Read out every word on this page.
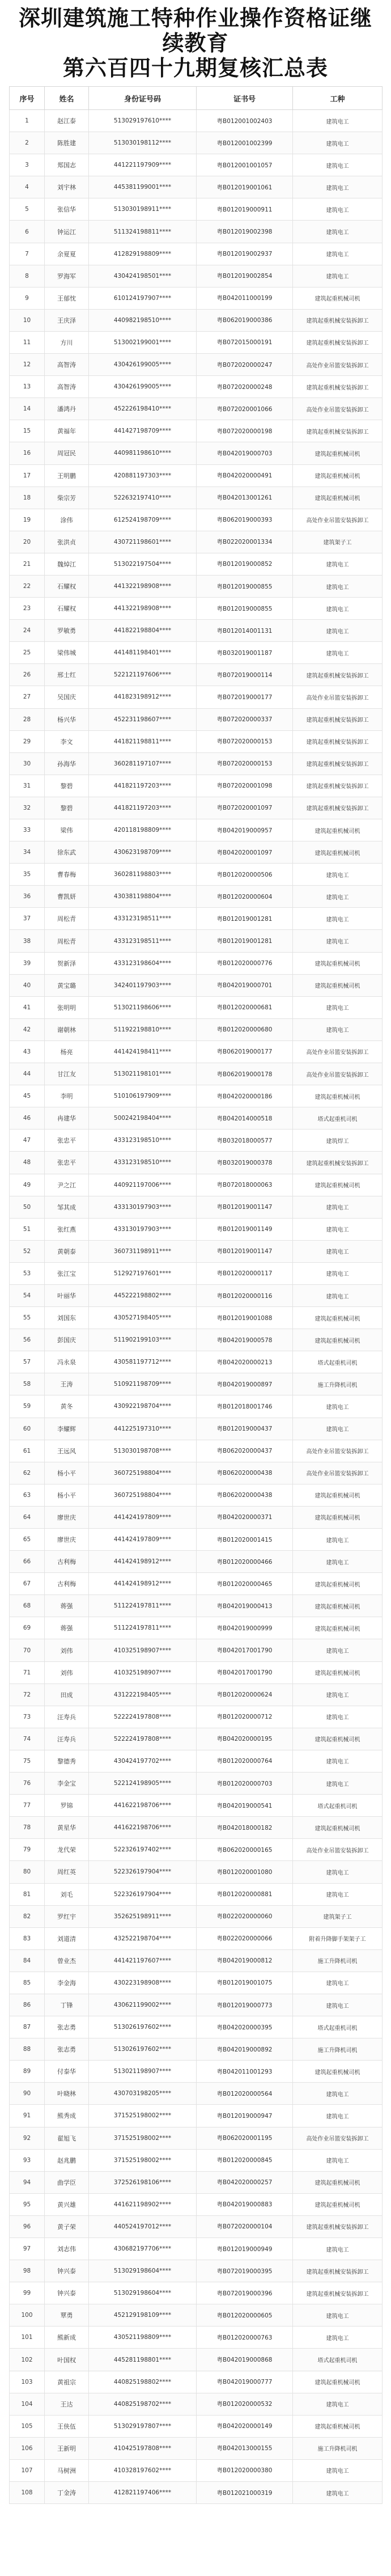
深圳建筑施工特种作业操作资格证继续教育
第六百四十九期复核汇总表
序号	姓名	身份证号码	证书号	工种
1	赵江泰	513029197610****	粤B012001002403	建筑电工
2	陈胜建	513030198112****	粤B012001002399	建筑电工
3	郑国志	441221197909****	粤B012001001057	建筑电工
4	刘宇林	445381199001****	粤B012019001061	建筑电工
5	张信华	513030198911****	粤B012019000911	建筑电工
6	钟运江	511324198811****	粤B012019002398	建筑电工
7	余夏夏	412829198809****	粤B012019002937	建筑电工
8	罗海军	430424198501****	粤B012019002854	建筑电工
9	王郁忱	610124197907****	粤B042011000199	建筑起重机械司机
10	王庆泽	440982198510****	粤B062019000386	建筑起重机械安装拆卸工
11	方川	513002199001****	粤B072015000191	建筑起重机械安装拆卸工
12	高智涛	430426199005****	粤B072020000247	高处作业吊篮安装拆卸工
13	高智涛	430426199005****	粤B072020000248	建筑起重机械安装拆卸工
14	潘鸿丹	452226198410****	粤B072020001066	高处作业吊篮安装拆卸工
15	黄福年	441427198709****	粤B072020000198	建筑起重机械安装拆卸工
16	周冠民	440981198610****	粤B042019000703	建筑起重机械司机
17	王明鹏	420881197303****	粤B042020000491	建筑起重机械司机
18	柴宗芳	522632197410****	粤B042013001261	建筑起重机械司机
19	涂伟	612524198709****	粤B062019000393	高处作业吊篮安装拆卸工
20	张洪贞	430721198601****	粤B022020001334	建筑架子工
21	魏焯江	513022197504****	粤B012019000852	建筑电工
22	石耀权	441322198908****	粤B012019000855	建筑电工
23	石耀权	441322198908****	粤B012019000855	建筑电工
24	罗敏勇	441822198804****	粤B012014001131	建筑电工
25	梁伟城	441481198401****	粤B032019001187	建筑电工
26	邢士红	522121197606****	粤B072019000114	建筑起重机械安装拆卸工
27	吴国庆	441823198912****	粤B072019000177	高处作业吊篮安装拆卸工
28	杨兴华	452231198607****	粤B072020000337	建筑起重机械安装拆卸工
29	李文	441821198811****	粤B072020000153	建筑起重机械安装拆卸工
30	孙海华	360281197107****	粤B072020000153	建筑起重机械安装拆卸工
31	黎碧	441821197203****	粤B072020001098	建筑起重机械安装拆卸工
32	黎碧	441821197203****	粤B072020001097	建筑起重机械安装拆卸工
33	梁伟	420118198809****	粤B042019000957	建筑起重机械司机
34	徐东武	430623198709****	粤B042020001097	建筑起重机械司机
35	曹春梅	360281198803****	粤B012020000506	建筑电工
36	曹凯妍	430381198804****	粤B012020000604	建筑电工
37	周松青	433123198511****	粤B012019001281	建筑电工
38	周松青	433123198511****	粤B012019001281	建筑电工
39	贺新泽	433123198604****	粤B012020000776	建筑起重机械司机
40	黄宝璐	342401197903****	粤B042019000701	建筑起重机械司机
41	张明明	513021198606****	粤B012020000681	建筑电工
42	谢朝林	511922198810****	粤B012020000680	建筑电工
43	杨亮	441424198411****	粤B062019000177	高处作业吊篮安装拆卸工
44	甘江友	513021198101****	粤B062019000178	高处作业吊篮安装拆卸工
45	李明	510106197909****	粤B042020000186	建筑起重机械司机
46	冉建华	500242198404****	粤B042014000518	塔式起重机司机
47	张忠平	433123198510****	粤B032018000577	建筑焊工
48	张忠平	433123198510****	粤B032019000378	建筑起重机械安装拆卸工
49	尹之江	440921197006****	粤B072018000063	建筑起重机械司机
50	邹其成	433130197903****	粤B012019001147	建筑电工
51	张红燕	433130197903****	粤B012019001149	建筑电工
52	黄朝泰	360731198911****	粤B012019001147	建筑电工
53	张江宝	512927197601****	粤B012020000117	建筑电工
54	叶丽华	445222198802****	粤B012020000116	建筑电工
55	刘国东	430527198405****	粤B012019001088	建筑起重机械司机
56	彭国庆	511902199103****	粤B042019000578	建筑起重机械司机
57	冯永泉	430581197712****	粤B042020000213	塔式起重机司机
58	王涛	510921198709****	粤B042019000897	施工升降机司机
59	黄冬	430922198704****	粤B012018001746	建筑电工
60	李耀辉	441225197310****	粤B012019000437	建筑电工
61	王远风	513030198708****	粤B062020000437	高处作业吊篮安装拆卸工
62	杨小平	360725198804****	粤B062020000438	高处作业吊篮安装拆卸工
63	杨小平	360725198804****	粤B062020000438	建筑起重机械司机
64	廖世庆	441424197809****	粤B042020000371	建筑起重机械司机
65	廖世庆	441424197809****	粤B012020001415	建筑电工
66	古利梅	441424198912****	粤B012020000466	建筑电工
67	古利梅	441424198912****	粤B012020000465	建筑起重机械司机
68	蒋强	511224197811****	粤B042019000413	建筑起重机械司机
69	蒋强	511224197811****	粤B042019000999	建筑起重机械司机
70	刘伟	410325198907****	粤B042017001790	建筑电工
71	刘伟	410325198907****	粤B042017001790	建筑起重机械司机
72	田成	431222198405****	粤B012020000624	建筑电工
73	汪寿兵	522224197808****	粤B012020000712	建筑电工
74	汪寿兵	522224197808****	粤B042020000195	建筑起重机械司机
75	黎德秀	430424197702****	粤B012020000764	建筑电工
76	李金宝	522124198905****	粤B012020000703	建筑电工
77	罗锦	441622198706****	粤B042019000541	塔式起重机司机
78	黄星华	441622198706****	粤B042018000182	建筑起重机械司机
79	龙代荣	522326197402****	粤B062020000165	高处作业吊篮安装拆卸工
80	周红英	522326197904****	粤B012020001080	建筑电工
81	刘毛	522326197904****	粤B012020000881	建筑电工
82	罗红宇	352625198911****	粤B022020000060	建筑架子工
83	刘道清	432522198704****	粤B022020000066	附着升降脚手架架子工
84	曾业杰	441421197607****	粤B042019000812	施工升降机司机
85	李金海	430223198908****	粤B012019001075	建筑电工
86	丁锋	430621199002****	粤B012019000773	建筑电工
87	张志勇	513026197602****	粤B042020000395	塔式起重机司机
88	张志勇	513026197602****	粤B042019000892	施工升降机司机
89	付泰华	513021198907****	粤B042011001293	建筑起重机械司机
90	叶晓林	430703198205****	粤B012020000564	建筑电工
91	熊秀成	371525198002****	粤B012019000947	建筑电工
92	翟旭飞	371525198002****	粤B062020001195	高处作业吊篮安装拆卸工
93	赵兆鹏	371525198002****	粤B012020000845	建筑电工
94	曲学臣	372526198106****	粤B042020000257	建筑起重机械司机
95	黄兴雄	441621198902****	粤B042019000883	建筑起重机械司机
96	黄子荣	440524197012****	粤B072020000104	建筑起重机械安装拆卸工
97	刘志伟	430682197706****	粤B012019000949	建筑电工
98	钟兴泰	513029198604****	粤B072019000395	建筑起重机械安装拆卸工
99	钟兴泰	513029198604****	粤B072019000396	建筑起重机械安装拆卸工
100	覃勇	452129198109****	粤B012020000605	建筑电工
101	熊新成	430521198809****	粤B012020000763	建筑电工
102	叶国权	445281198801****	粤B042019000868	塔式起重机司机
103	黄祖宗	440825198802****	粤B042019000777	建筑起重机械司机
104	王达	440825198702****	粤B012020000532	建筑电工
105	王侠伍	513029197807****	粤B042020000149	建筑起重机械司机
106	王新明	410425197808****	粤B042013000155	施工升降机司机
107	马树洲	410328197602****	粤B012020000380	建筑电工
108	丁金涛	412821197406****	粤B012021000319	建筑电工
